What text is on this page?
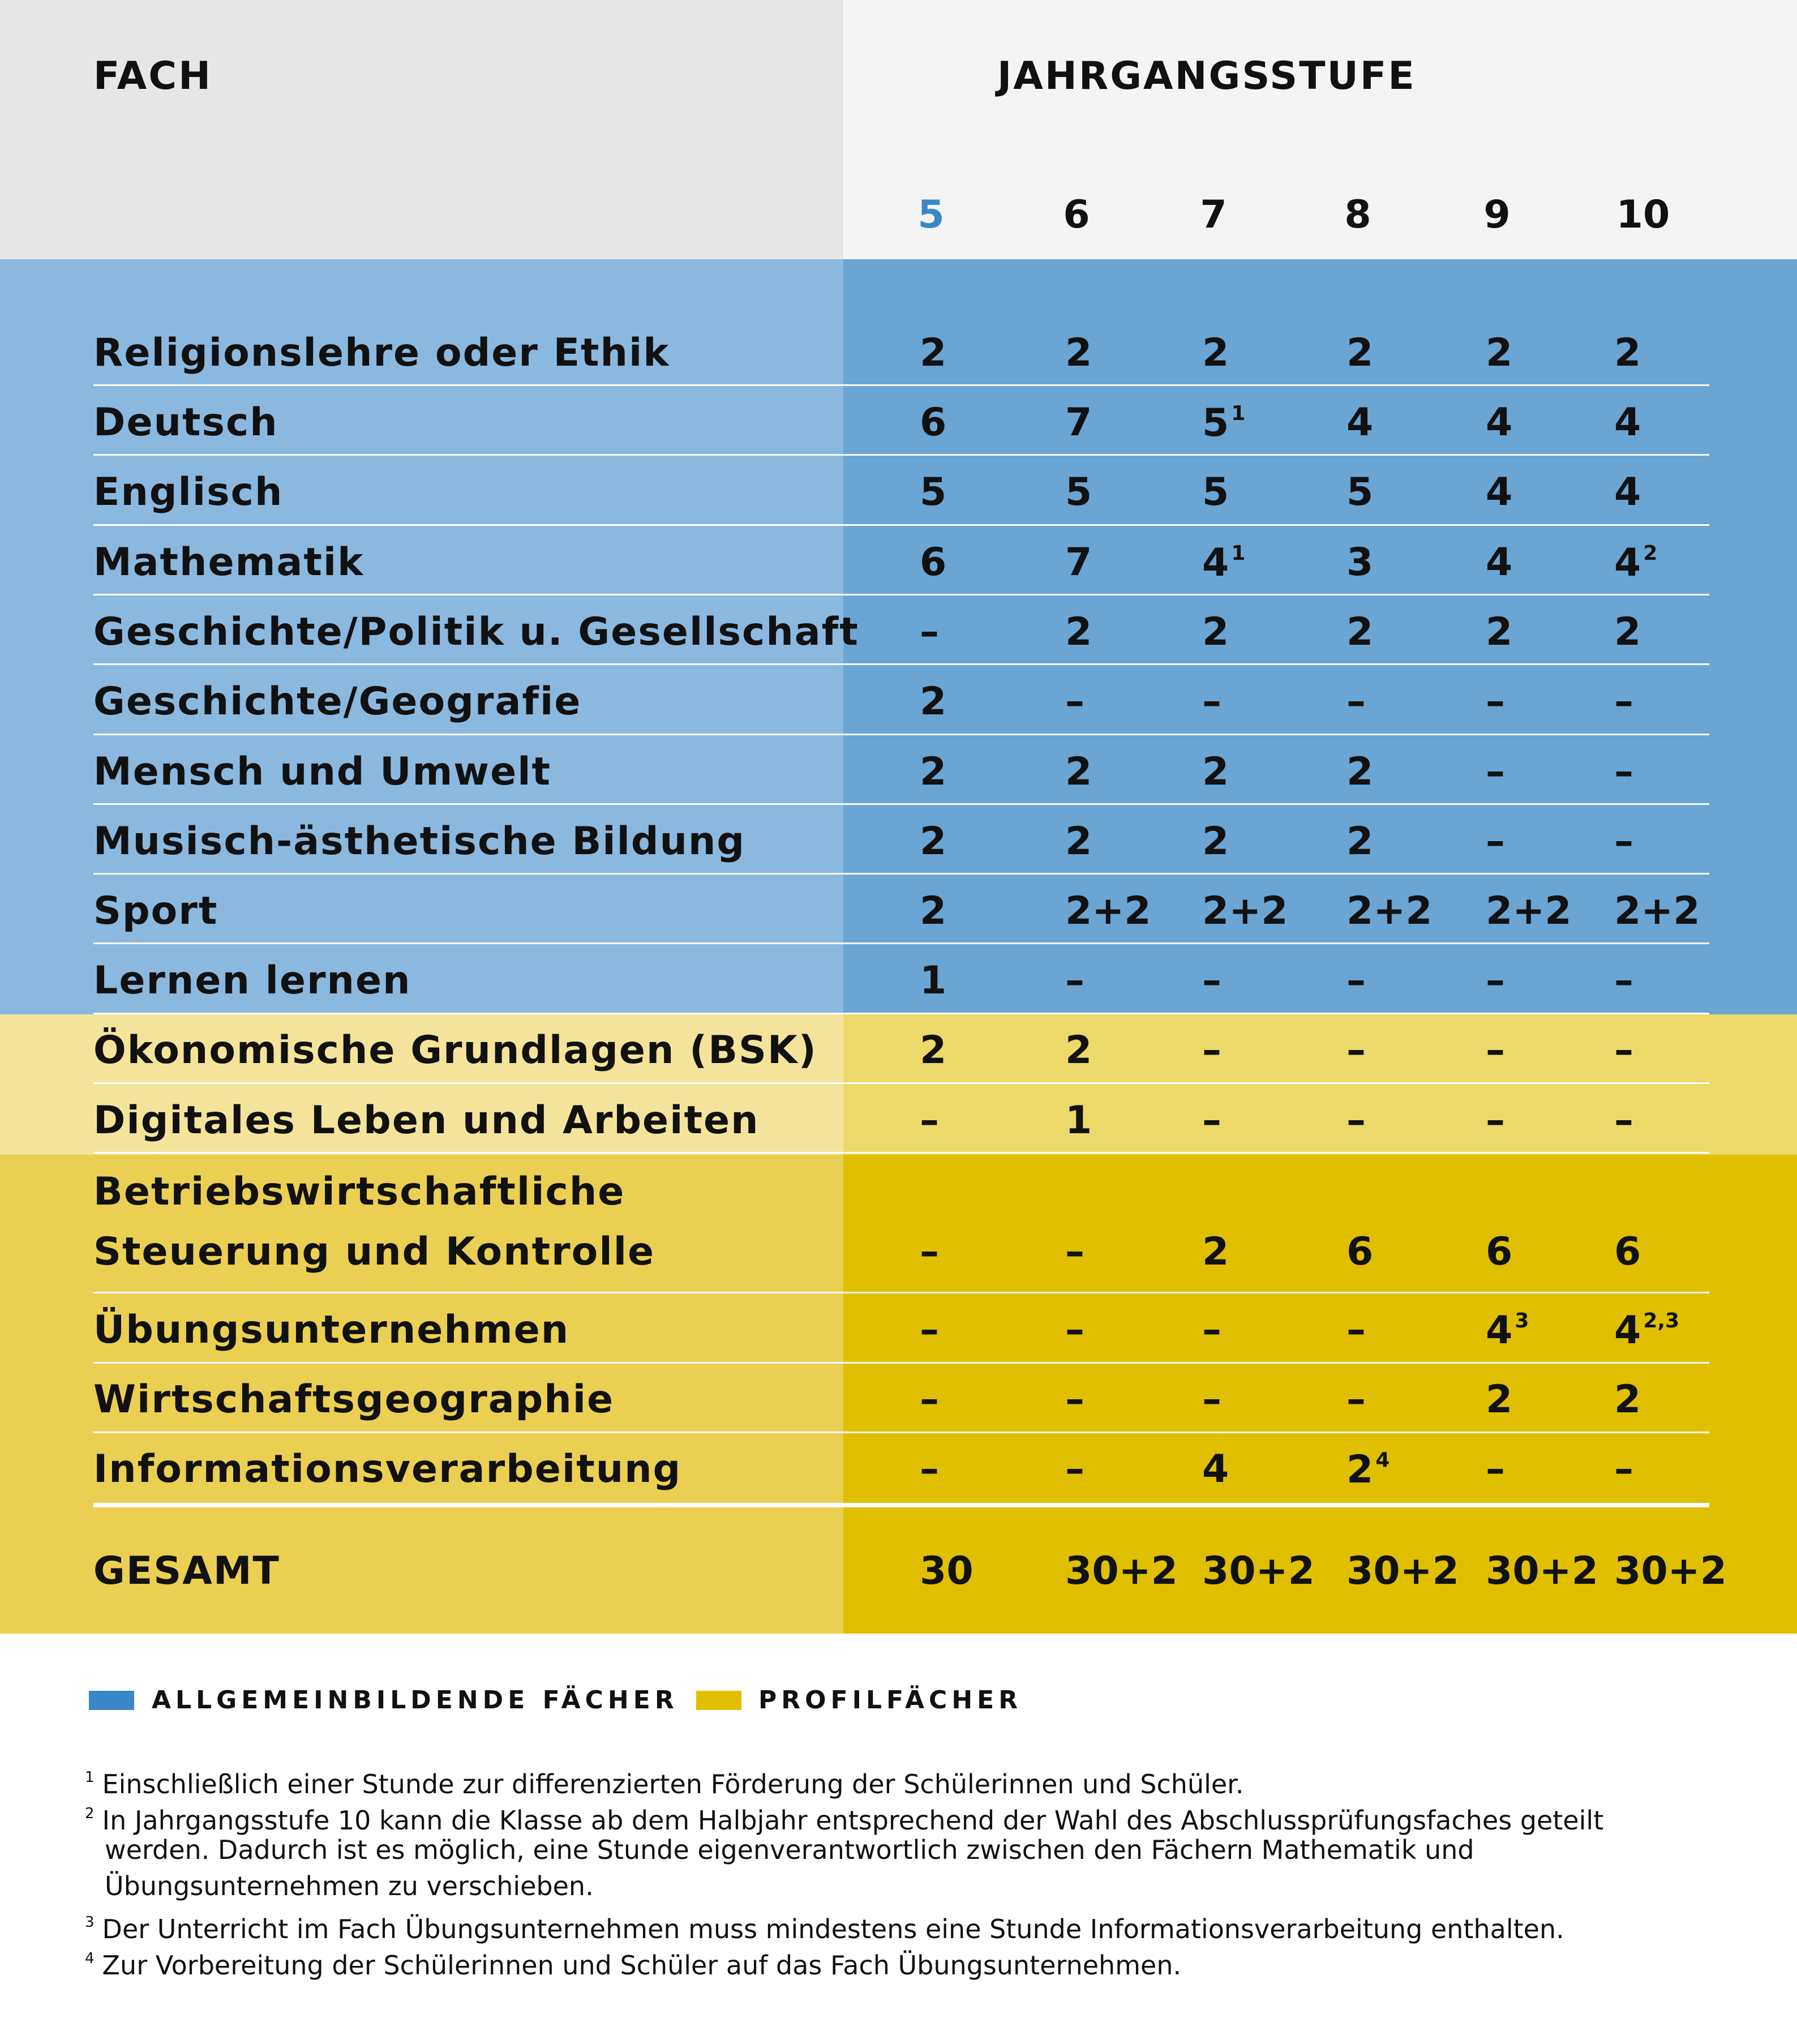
FACH	JAHRGANGSSTUFE
5	6	7	8	9	10
Religionslehre oder Ethik	2	2	2	2	2	2
Deutsch	6	7	5 $^1$	4	4	4
Englisch	5	5	5	5	4	4
Mathematik	6	7	4 $^1$	3	4	4 $^2$
Geschichte/Politik u. Gesellschaft –	2	2	2	2	2
Geschichte/Geografie	2	–	–	–	–	–
Mensch und Umwelt	2	2	2	2	–	–
Musisch-ästhetische Bildung	2	2	2	2	–	–
Sport	2	2+2 2+2 2+2 2+2 2+2
Lernen lernen	1	–	–	–	–	–
Ökonomische Grundlagen (BSK)	2	2	–	–	–	–
Digitales Leben und Arbeiten	–	1	–	–	–	–
Betriebswirtschaftliche
Steuerung und Kontrolle	–	–	2	6	6	6
Übungsunternehmen	–	–	–	–	4 $^3$ 4 $^{2,3}$
Wirtschaftsgeographie	–	–	–	–	2	2
Informationsverarbeitung	–	–	4	2 $^4$ –	–
GESAMT	30 30+2 30+2 30+2 30+2 30+2
ALLGEMEINBILDENDE FÄCHER	PROFILFÄCHER
$^1$ Einschließlich einer Stunde zur differenzierten Förderung der Schülerinnen und Schüler.
$^2$ In Jahrgangsstufe 10 kann die Klasse ab dem Halbjahr entsprechend der Wahl des Abschlussprüfungsfaches geteilt
werden. Dadurch ist es möglich, eine Stunde eigenverantwortlich zwischen den Fächern Mathematik und
Übungsunternehmen zu verschieben.
$^3$ Der Unterricht im Fach Übungsunternehmen muss mindestens eine Stunde Informationsverarbeitung enthalten.
$^4$ Zur Vorbereitung der Schülerinnen und Schüler auf das Fach Übungsunternehmen.
